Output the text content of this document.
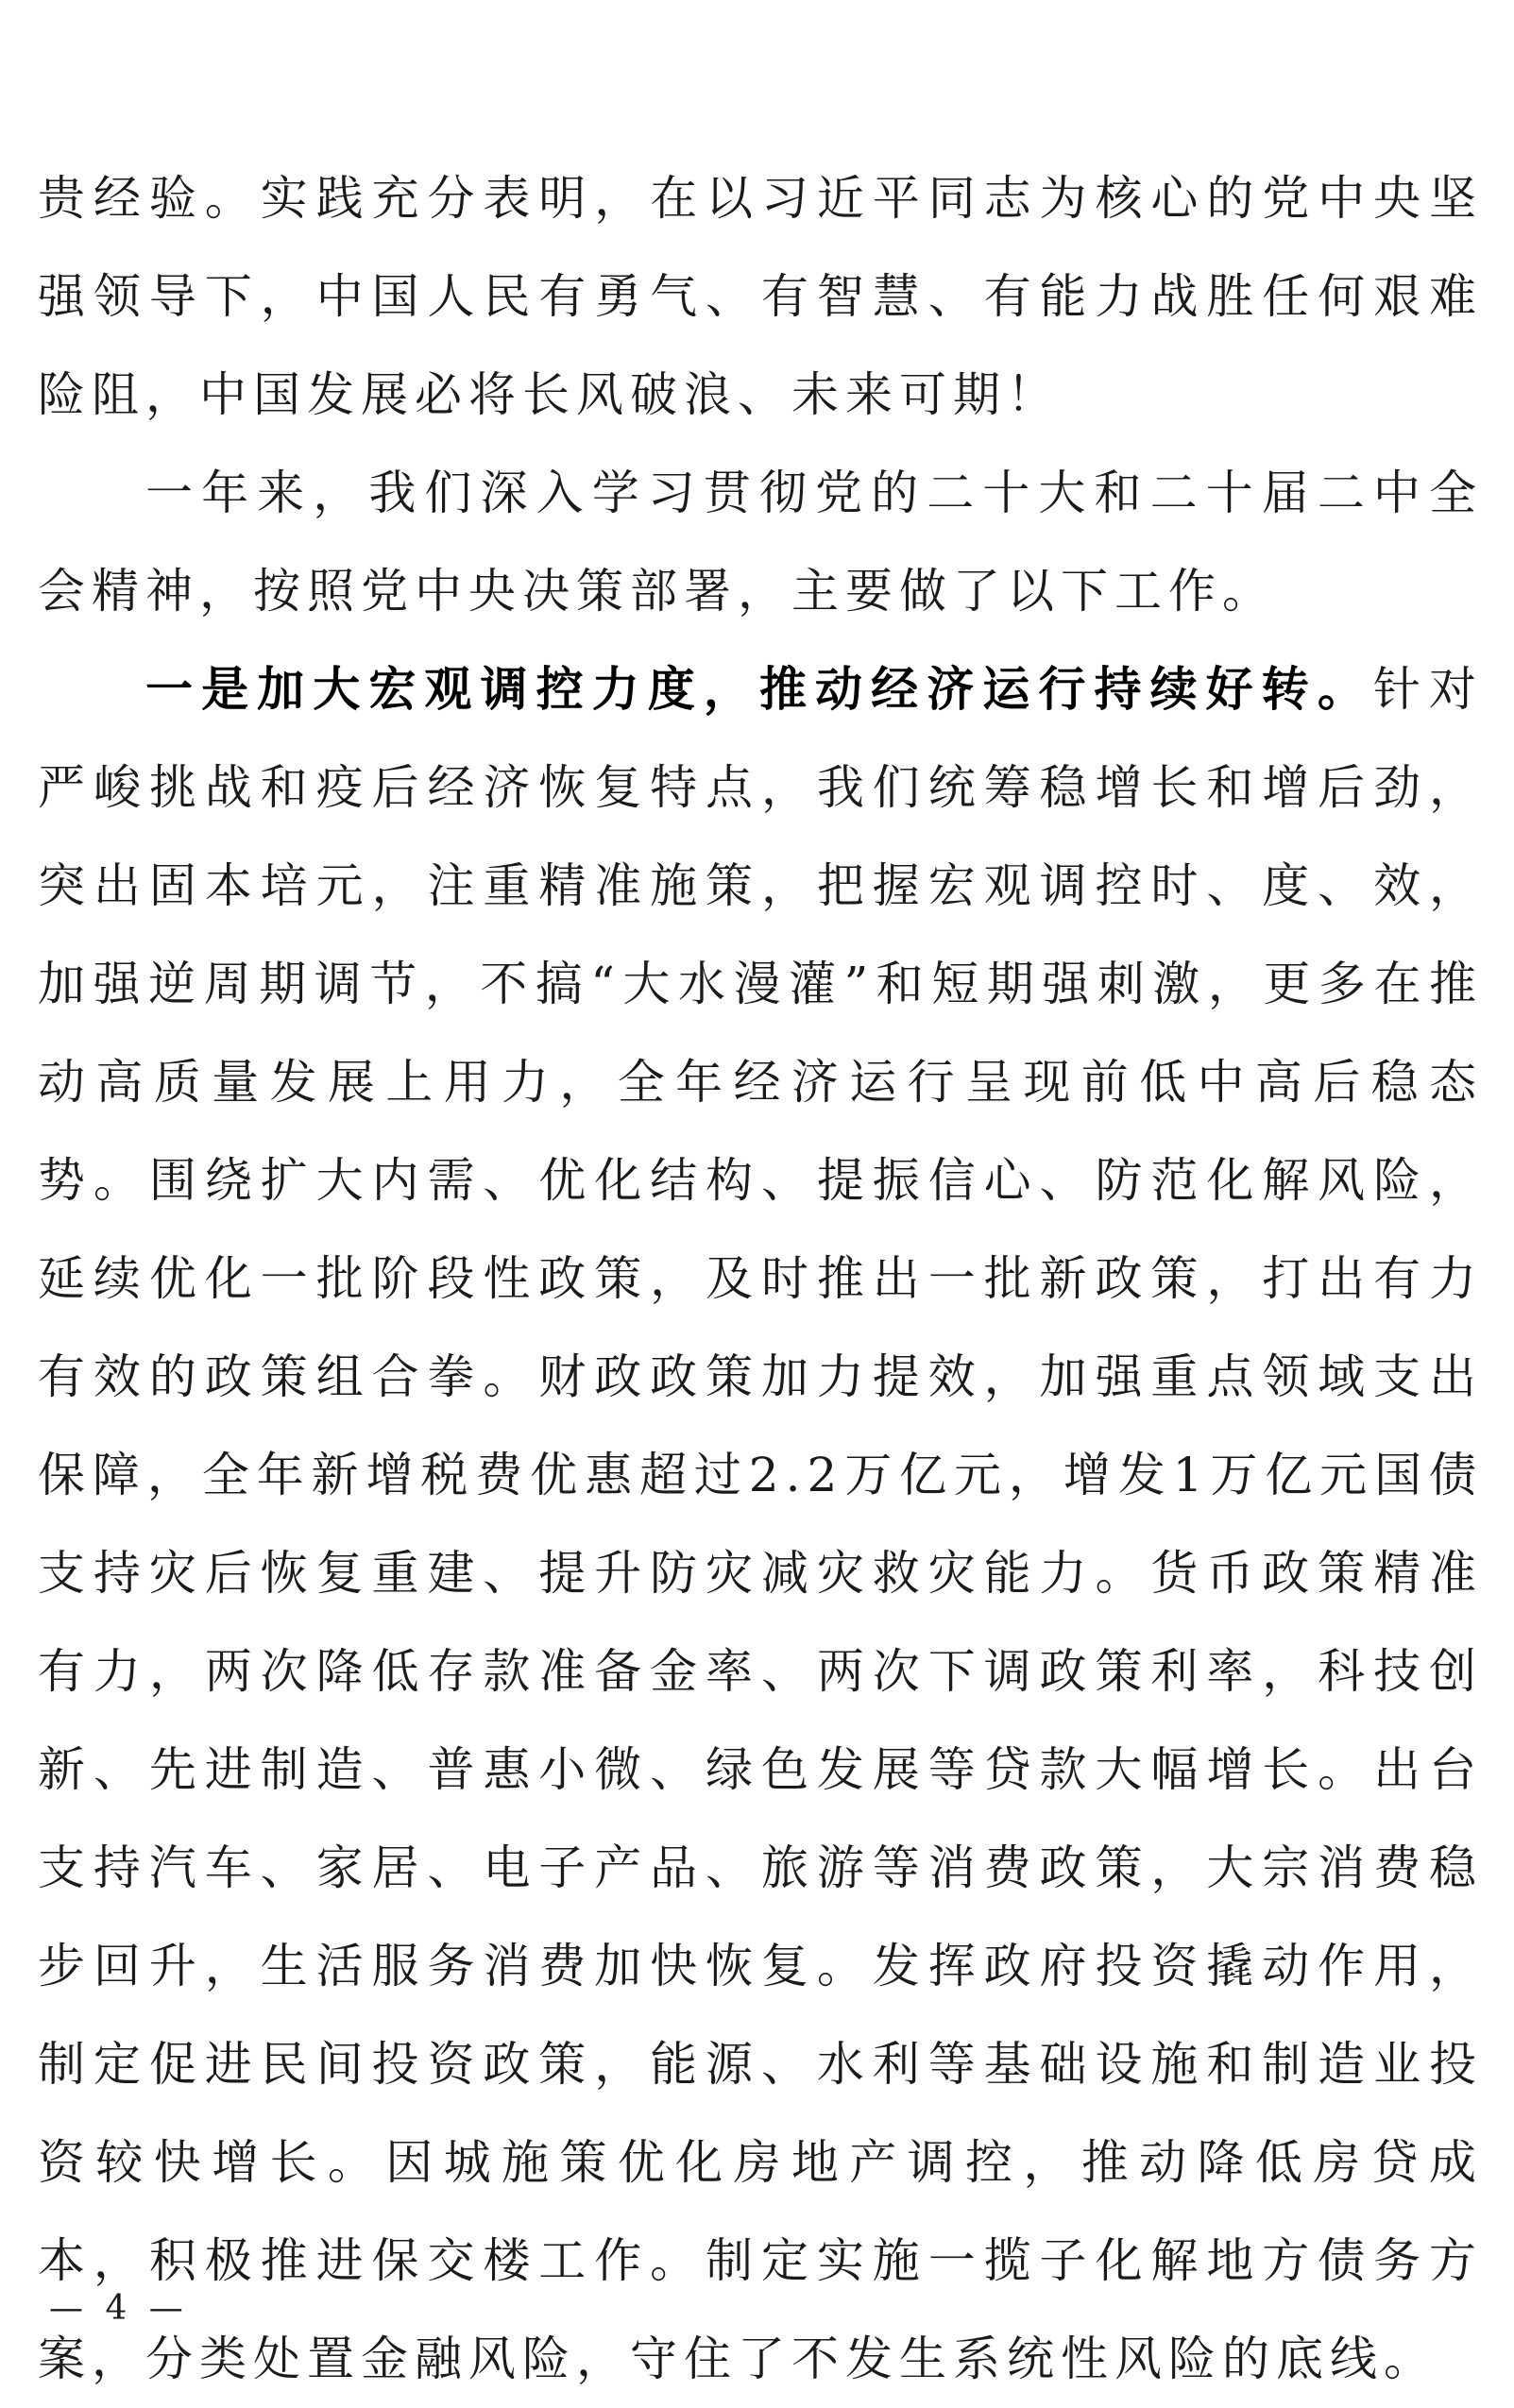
贵经验。实践充分表明，在以习近平同志为核心的党中央坚强领导下，中国人民有勇气、有智慧、有能力战胜任何艰难险阻，中国发展必将长风破浪、未来可期！

一年来，我们深入学习贯彻党的二十大和二十届二中全会精神，按照党中央决策部署，主要做了以下工作。

一是加大宏观调控力度，推动经济运行持续好转。针对严峻挑战和疫后经济恢复特点，我们统筹稳增长和增后劲，突出固本培元，注重精准施策，把握宏观调控时、度、效，加强逆周期调节，不搞“大水漫灌”和短期强刺激，更多在推动高质量发展上用力，全年经济运行呈现前低中高后稳态势。围绕扩大内需、优化结构、提振信心、防范化解风险，延续优化一批阶段性政策，及时推出一批新政策，打出有力有效的政策组合拳。财政政策加力提效，加强重点领域支出保障，全年新增税费优惠超过2.2万亿元，增发1万亿元国债支持灾后恢复重建、提升防灾减灾救灾能力。货币政策精准有力，两次降低存款准备金率、两次下调政策利率，科技创新、先进制造、普惠小微、绿色发展等贷款大幅增长。出台支持汽车、家居、电子产品、旅游等消费政策，大宗消费稳步回升，生活服务消费加快恢复。发挥政府投资撬动作用，制定促进民间投资政策，能源、水利等基础设施和制造业投资较快增长。因城施策优化房地产调控，推动降低房贷成本，积极推进保交楼工作。制定实施一揽子化解地方债务方案，分类处置金融风险，守住了不发生系统性风险的底线。

— 4 —
